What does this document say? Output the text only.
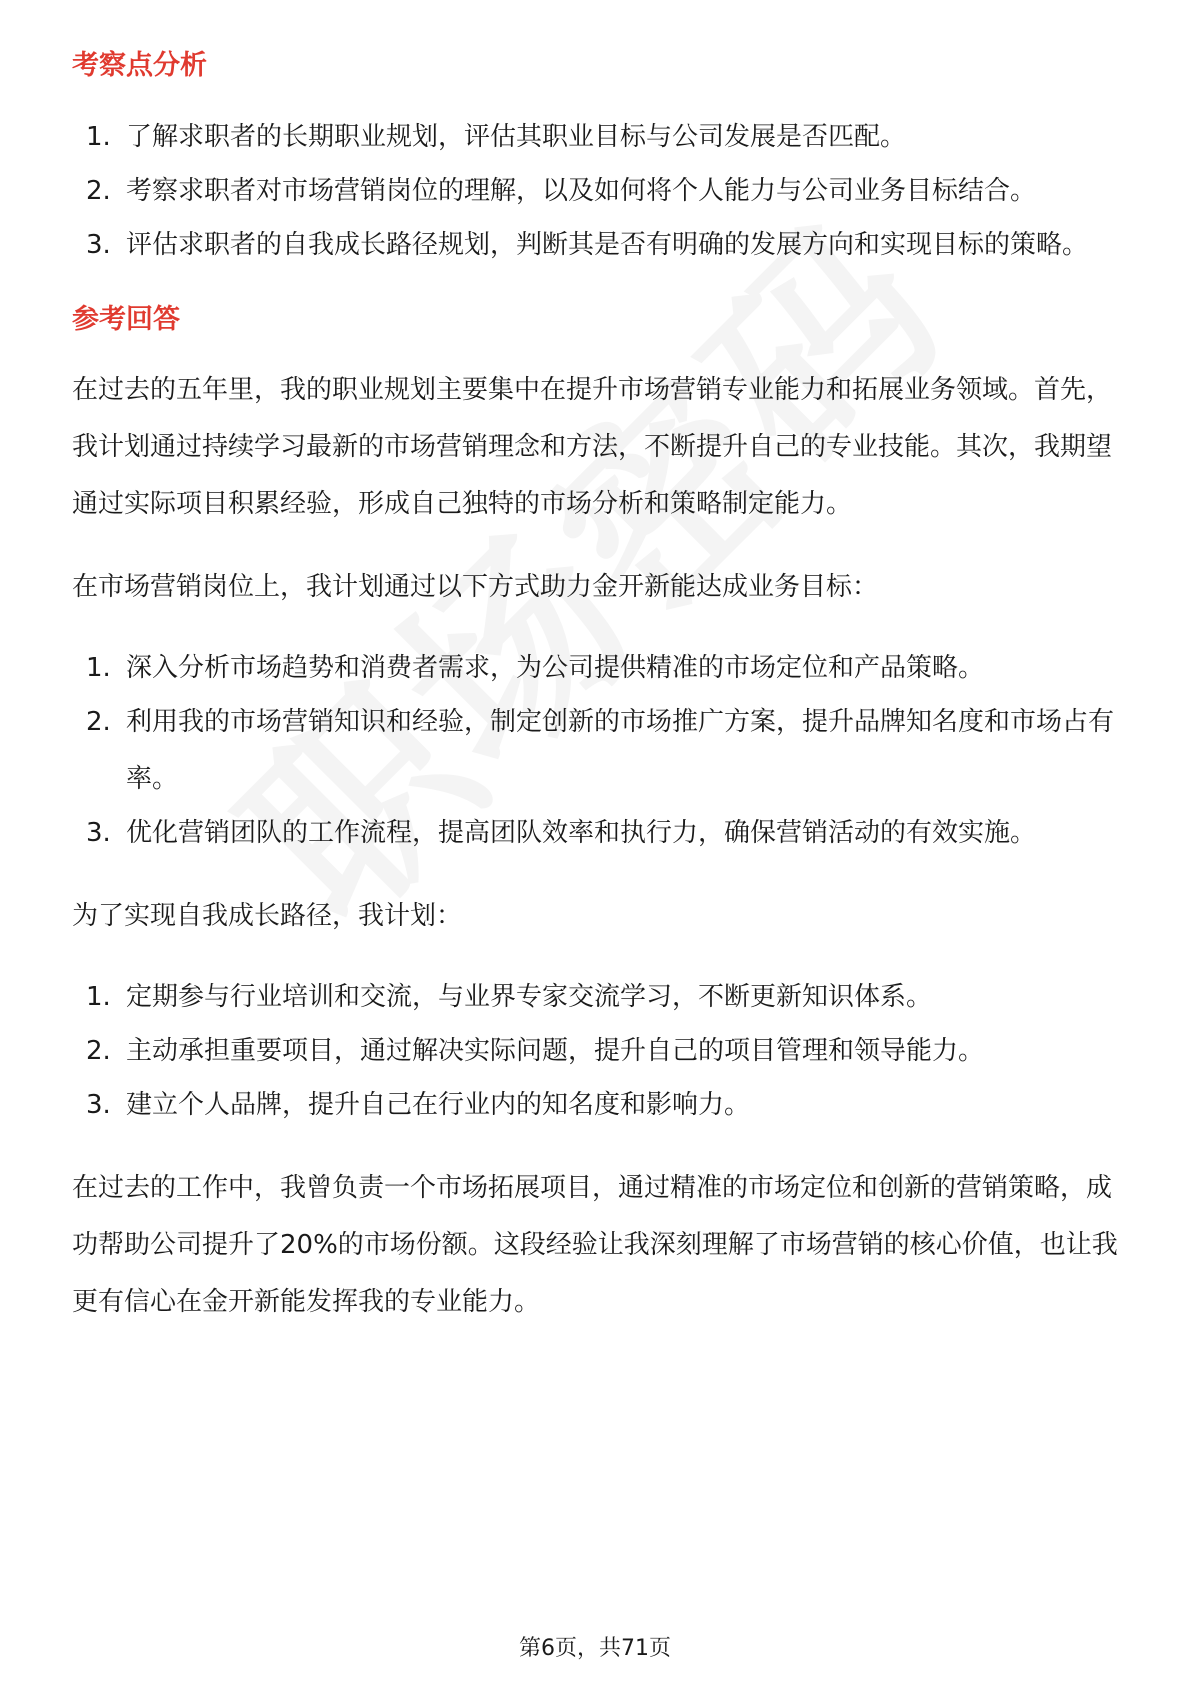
考察点分析
1. 了解求职者的长期职业规划，评估其职业目标与公司发展是否匹配。
2. 考察求职者对市场营销岗位的理解，以及如何将个人能力与公司业务目标结合。
3. 评估求职者的自我成长路径规划，判断其是否有明确的发展方向和实现目标的策略。
参考回答

在过去的五年里，我的职业规划主要集中在提升市场营销专业能力和拓展业务领域。首先，我计划通过持续学习最新的市场营销理念和方法，不断提升自己的专业技能。其次，我期望通过实际项目积累经验，形成自己独特的市场分析和策略制定能力。

在市场营销岗位上，我计划通过以下方式助力金开新能达成业务目标：

1. 深入分析市场趋势和消费者需求，为公司提供精准的市场定位和产品策略。
2. 利用我的市场营销知识和经验，制定创新的市场推广方案，提升品牌知名度和市场占有率。
3. 优化营销团队的工作流程，提高团队效率和执行力，确保营销活动的有效实施。

为了实现自我成长路径，我计划：

1. 定期参与行业培训和交流，与业界专家交流学习，不断更新知识体系。
2. 主动承担重要项目，通过解决实际问题，提升自己的项目管理和领导能力。
3. 建立个人品牌，提升自己在行业内的知名度和影响力。

在过去的工作中，我曾负责一个市场拓展项目，通过精准的市场定位和创新的营销策略，成功帮助公司提升了20%的市场份额。这段经验让我深刻理解了市场营销的核心价值，也让我更有信心在金开新能发挥我的专业能力。

第6页，共71页
